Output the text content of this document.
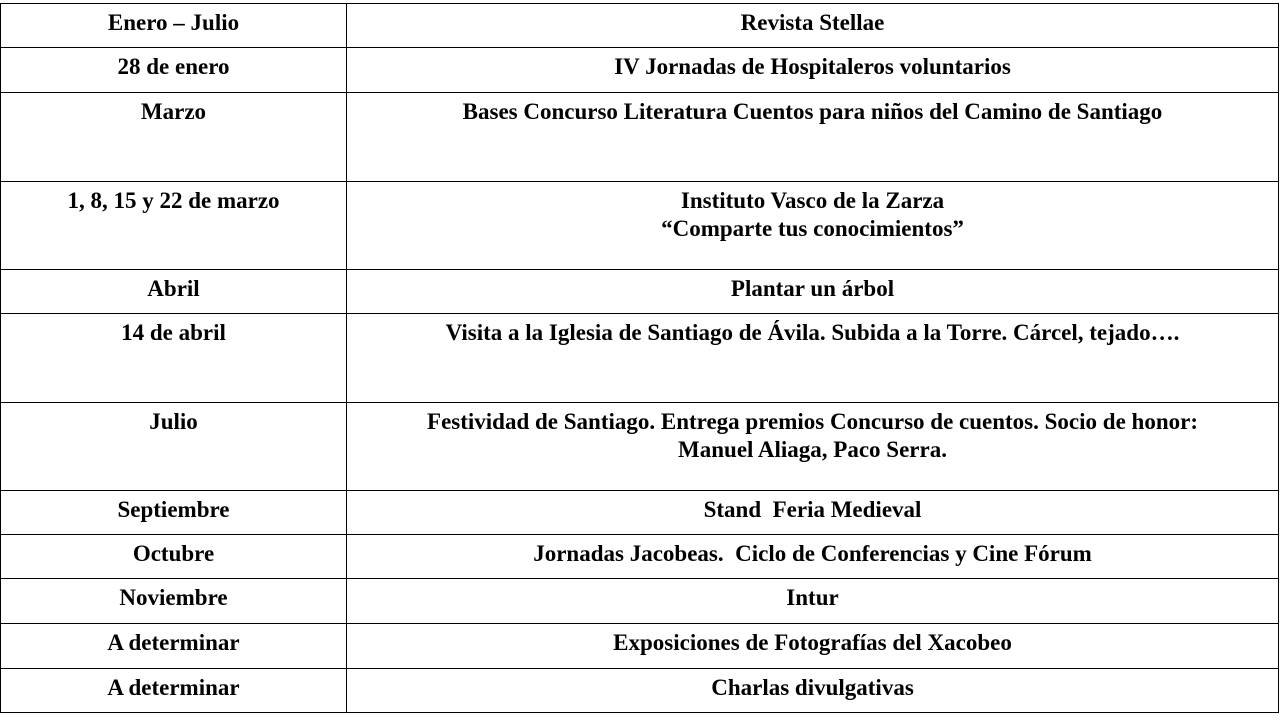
Enero – Julio	Revista Stellae

28 de enero	IV Jornadas de Hospitaleros voluntarios

Marzo	Bases Concurso Literatura Cuentos para niños del Camino de Santiago

1, 8, 15 y 22 de marzo	Instituto Vasco de la Zarza
“Comparte tus conocimientos”

Abril	Plantar un árbol

14 de abril	Visita a la Iglesia de Santiago de Ávila. Subida a la Torre. Cárcel, tejado….

Julio	Festividad de Santiago. Entrega premios Concurso de cuentos. Socio de honor:
Manuel Aliaga, Paco Serra.

Septiembre	Stand  Feria Medieval

Octubre	Jornadas Jacobeas.  Ciclo de Conferencias y Cine Fórum

Noviembre	Intur

A determinar	Exposiciones de Fotografías del Xacobeo

A determinar	Charlas divulgativas
